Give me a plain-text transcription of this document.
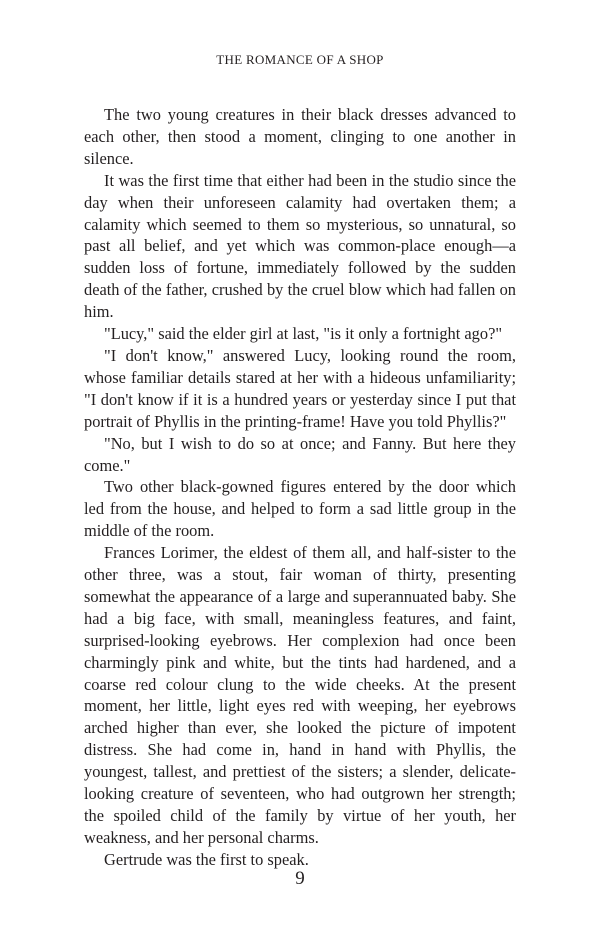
THE ROMANCE OF A SHOP

The two young creatures in their black dresses advanced to each other, then stood a moment, clinging to one another in silence.

It was the first time that either had been in the studio since the day when their unforeseen calamity had overtaken them; a calamity which seemed to them so mysterious, so unnatural, so past all belief, and yet which was common-place enough—a sudden loss of fortune, immediately followed by the sudden death of the father, crushed by the cruel blow which had fallen on him.

"Lucy," said the elder girl at last, "is it only a fortnight ago?"

"I don't know," answered Lucy, looking round the room, whose familiar details stared at her with a hideous unfamiliarity; "I don't know if it is a hundred years or yesterday since I put that portrait of Phyllis in the printing-frame! Have you told Phyllis?"

"No, but I wish to do so at once; and Fanny. But here they come."

Two other black-gowned figures entered by the door which led from the house, and helped to form a sad little group in the middle of the room.

Frances Lorimer, the eldest of them all, and half-sister to the other three, was a stout, fair woman of thirty, presenting somewhat the appearance of a large and superannuated baby. She had a big face, with small, meaningless features, and faint, surprised-looking eyebrows. Her complexion had once been charmingly pink and white, but the tints had hardened, and a coarse red colour clung to the wide cheeks. At the present moment, her little, light eyes red with weeping, her eyebrows arched higher than ever, she looked the picture of impotent distress. She had come in, hand in hand with Phyllis, the youngest, tallest, and prettiest of the sisters; a slender, delicate-looking creature of seventeen, who had outgrown her strength; the spoiled child of the family by virtue of her youth, her weakness, and her personal charms.

Gertrude was the first to speak.

9
